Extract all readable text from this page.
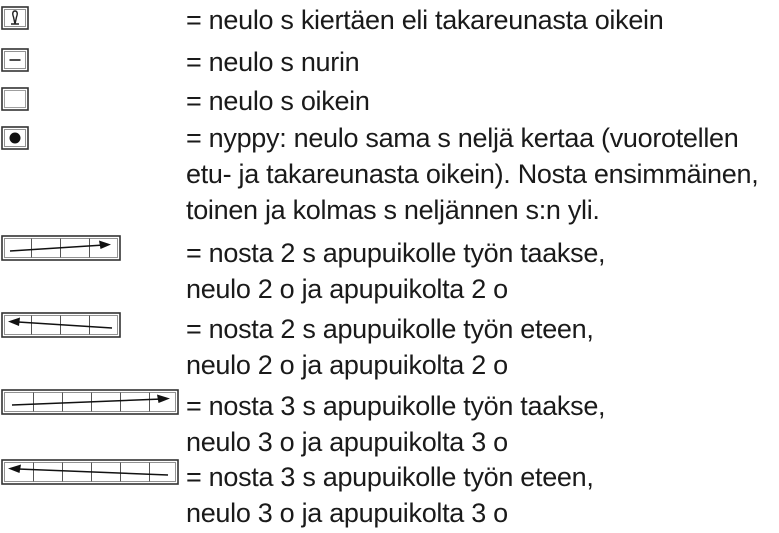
= neulo s kiertäen eli takareunasta oikein
= neulo s nurin
= neulo s oikein
= nyppy: neulo sama s neljä kertaa (vuorotellen
etu- ja takareunasta oikein). Nosta ensimmäinen,
toinen ja kolmas s neljännen s:n yli.
= nosta 2 s apupuikolle työn taakse,
neulo 2 o ja apupuikolta 2 o
= nosta 2 s apupuikolle työn eteen,
neulo 2 o ja apupuikolta 2 o
= nosta 3 s apupuikolle työn taakse,
neulo 3 o ja apupuikolta 3 o
= nosta 3 s apupuikolle työn eteen,
neulo 3 o ja apupuikolta 3 o
